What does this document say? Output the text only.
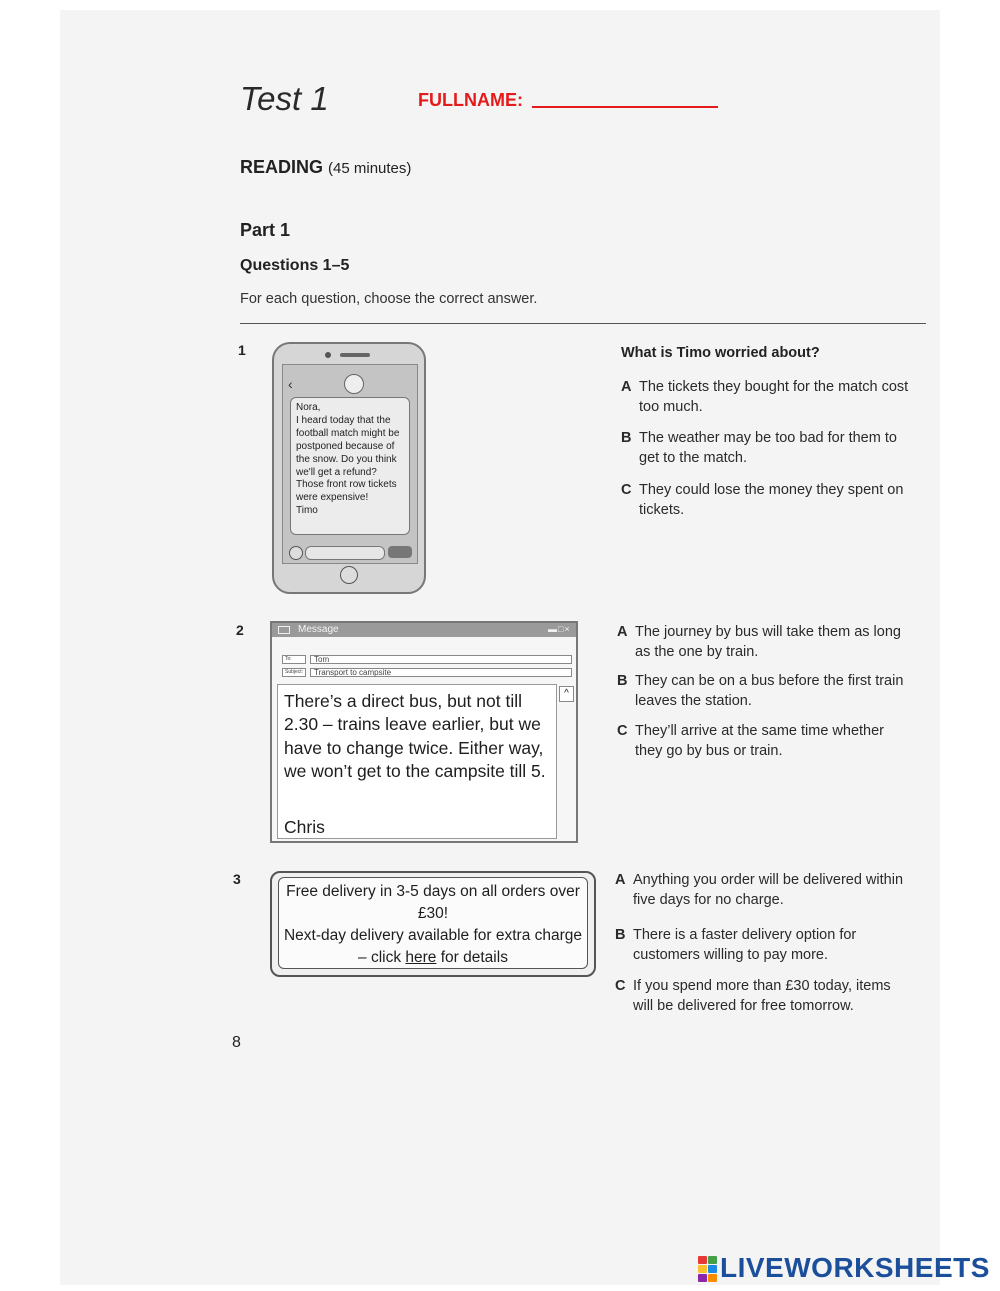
Test 1	FULLNAME:
READING (45 minutes)
Part 1
Questions 1–5
For each question, choose the correct answer.
1
‹
Nora,
I heard today that the football match might be postponed because of the snow. Do you think we'll get a refund? Those front row tickets were expensive!
Timo
What is Timo worried about?
A The tickets they bought for the match cost too much.
B The weather may be too bad for them to get to the match.
C They could lose the money they spent on tickets.
2	Message	▬□×
To:	Tom
Subject:	Transport to campsite
There’s a direct bus, but not till 2.30 – trains leave earlier, but we have to change twice. Either way, we won’t get to the campsite till 5.
Chris
^
A The journey by bus will take them as long as the one by train.
B They can be on a bus before the first train leaves the station.
C They’ll arrive at the same time whether they go by bus or train.
3
Free delivery in 3-5 days on all orders over £30!
Next-day delivery available for extra charge – click here for details
A Anything you order will be delivered within five days for no charge.
B There is a faster delivery option for customers willing to pay more.
C If you spend more than £30 today, items will be delivered for free tomorrow.
8
LIVEWORKSHEETS
